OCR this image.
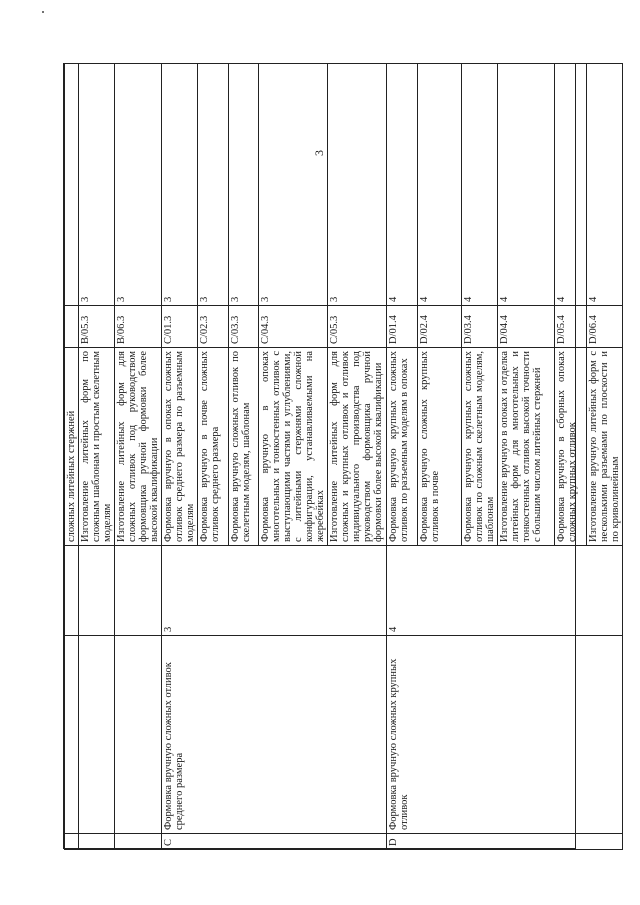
3
			сложных литейных стержней		
			Изготовление литейных форм по сложным шаблонам и простым скелетным моделям	B/05.3	3
			Изготовление литейных форм для сложных отливок под руководством формовщика ручной формовки более высокой квалификации	B/06.3	3
C	Формовка вручную сложных отливок среднего размера	3	Формовка вручную в опоках сложных отливок среднего размера по разъемным моделям	C/01.3	3
			Формовка вручную в почве сложных отливок среднего размера	C/02.3	3
			Формовка вручную сложных отливок по скелетным моделям, шаблонам	C/03.3	3
			Формовка вручную в опоках многотельных и тонкостенных отливок с выступающими частями и углублениями, с литейными стержнями сложной конфигурации, устанавливаемыми на жеребейках	C/04.3	3
			Изготовление литейных форм для сложных и крупных отливок и отливок индивидуального производства под руководством формовщика ручной формовки более высокой квалификации	C/05.3	3
D	Формовка вручную сложных крупных отливок	4	Формовка вручную крупных сложных отливок по разъемным моделям в опоках	D/01.4	4
			Формовка вручную сложных крупных отливок в почве	D/02.4	4
			Формовка вручную крупных сложных отливок по сложным скелетным моделям, шаблонам	D/03.4	4
			Изготовление вручную в опоках и отделка литейных форм для многотельных и тонкостенных отливок высокой точности с большим числом литейных стержней	D/04.4	4
			Формовка вручную в сборных опоках сложных крупных отливок	D/05.4	4
			Изготовление вручную литейных форм с несколькими разъемами по плоскости и по криволинейным	D/06.4	4
